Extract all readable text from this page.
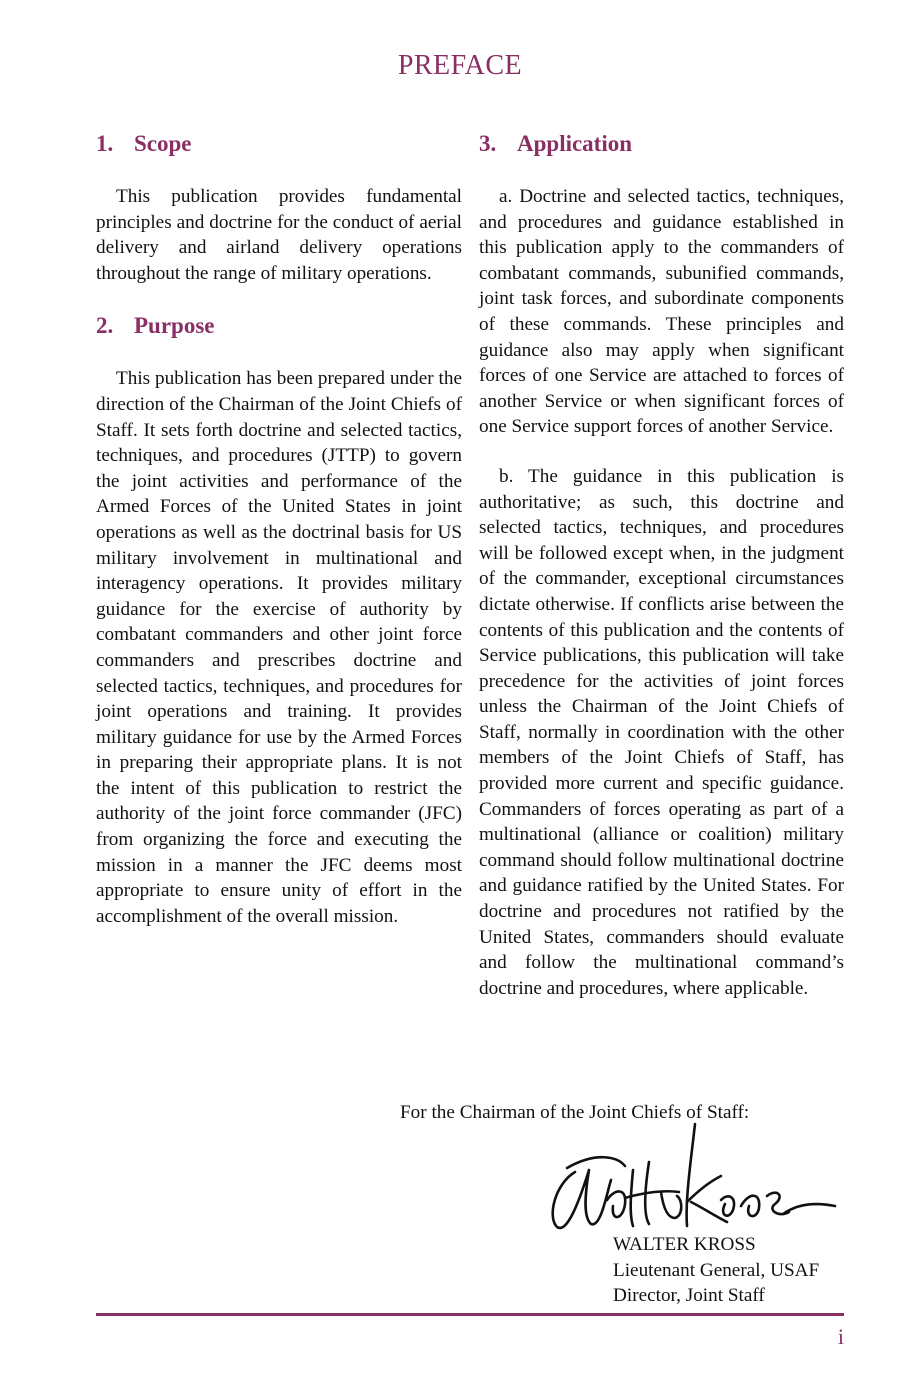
PREFACE
1. Scope

This publication provides fundamental principles and doctrine for the conduct of aerial delivery and airland delivery operations throughout the range of military operations.

2. Purpose

This publication has been prepared under the direction of the Chairman of the Joint Chiefs of Staff. It sets forth doctrine and selected tactics, techniques, and procedures (JTTP) to govern the joint activities and performance of the Armed Forces of the United States in joint operations as well as the doctrinal basis for US military involvement in multinational and interagency operations. It provides military guidance for the exercise of authority by combatant commanders and other joint force commanders and prescribes doctrine and selected tactics, techniques, and procedures for joint operations and training. It provides military guidance for use by the Armed Forces in preparing their appropriate plans. It is not the intent of this publication to restrict the authority of the joint force commander (JFC) from organizing the force and executing the mission in a manner the JFC deems most appropriate to ensure unity of effort in the accomplishment of the overall mission.

3. Application

a. Doctrine and selected tactics, techniques, and procedures and guidance established in this publication apply to the commanders of combatant commands, subunified commands, joint task forces, and subordinate components of these commands. These principles and guidance also may apply when significant forces of one Service are attached to forces of another Service or when significant forces of one Service support forces of another Service.

b. The guidance in this publication is authoritative; as such, this doctrine and selected tactics, techniques, and procedures will be followed except when, in the judgment of the commander, exceptional circumstances dictate otherwise. If conflicts arise between the contents of this publication and the contents of Service publications, this publication will take precedence for the activities of joint forces unless the Chairman of the Joint Chiefs of Staff, normally in coordination with the other members of the Joint Chiefs of Staff, has provided more current and specific guidance. Commanders of forces operating as part of a multinational (alliance or coalition) military command should follow multinational doctrine and guidance ratified by the United States. For doctrine and procedures not ratified by the United States, commanders should evaluate and follow the multinational command’s doctrine and procedures, where applicable.

For the Chairman of the Joint Chiefs of Staff:
WALTER KROSS
Lieutenant General, USAF
Director, Joint Staff
i
